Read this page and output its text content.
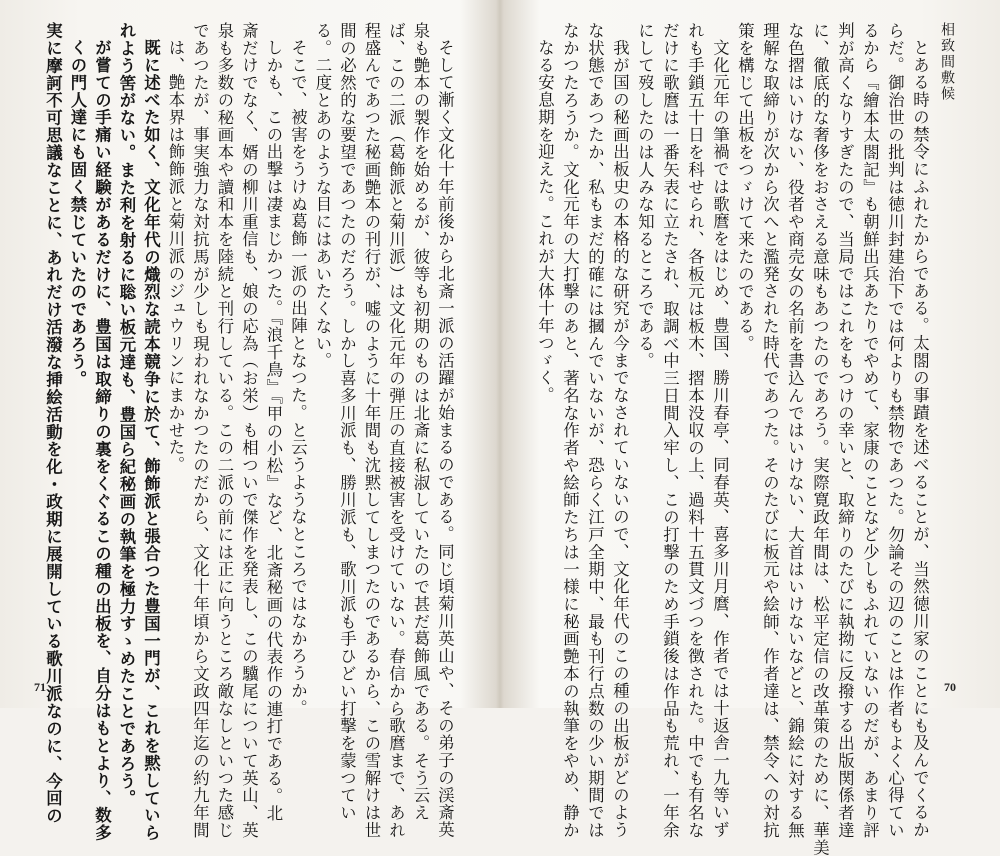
実に摩訶不可思議なことに、あれだけ活潑な挿絵活動を化・政期に展開している歌川派なのに、今回の くの門人達にも固く禁じていたのであろう。 が嘗ての手痛い経験があるだけに、豊国は取締りの裏をくぐるこの種の出板を、自分はもとより、数多 れよう筈がない。また利を射るに聡い板元達も、豊国ら紀秘画の執筆を極力すゝめたことであろう。 既に述べた如く、文化年代の熾烈な読本競争に於て、飾飾派と張合つた豊国一門が、これを黙していら は、艶本界は飾飾派と菊川派のジュウリンにまかせた。 であつたが、事実強力な対抗馬が少しも現われなかつたのだから、文化十年頃から文政四年迄の約九年間 泉も多数の秘画本や讀和本を陸続と刊行している。この二派の前には正に向うところ敵なしといつた感じ 斎だけでなく、婿の柳川重信も、娘の応為（お栄）も相ついで傑作を発表し、この驥尾について英山、英 しかも、この出撃は凄まじかつた。『浪千鳥』『甲の小松』など、北斎秘画の代表作の連打である。北 そこで、被害をうけぬ葛飾一派の出陣となつた。と云うようなところではなかろうか。 る。二度とあのような目にはあいたくない。 間の必然的な要望であつたのだろう。しかし喜多川派も、勝川派も、歌川派も手ひどい打撃を蒙つてい 程盛んであつた秘画艶本の刊行が、嘘のように十年間も沈黙してしまつたのであるから、この雪解けは世 ば、この二派（葛飾派と菊川派）は文化元年の弾圧の直接被害を受けていない。春信から歌麿まで、あれ 泉も艶本の製作を始めるが、彼等も初期のものは北斎に私淑していたので甚だ葛飾風である。そう云え そして漸く文化十年前後から北斎一派の活躍が始まるのである。同じ頃菊川英山や、その弟子の渓斎英	なる安息期を迎えた。これが大体十年つゞく。 なかつたろうか。文化元年の大打撃のあと、著名な作者や絵師たちは一様に秘画艶本の執筆をやめ、静か な状態であつたか、私もまだ的確には摑んでいないが、恐らく江戸全期中、最も刊行点数の少い期間では 我が国の秘画出板史の本格的な研究が今までなされていないので、文化年代のこの種の出板がどのよう にして歿したのは人みな知るところである。 だけに歌麿は一番矢表に立たされ、取調べ中三日間入牢し、この打撃のため手鎖後は作品も荒れ、一年余 れも手鎖五十日を科せられ、各板元は板木、摺本没収の上、過料十五貫文づつを徴された。中でも有名な 文化元年の筆禍では歌麿をはじめ、豊国、勝川春亭、同春英、喜多川月麿、作者では十返舎一九等いず 策を構じて出板をつゞけて来たのである。 理解な取締りが次から次へと濫発された時代であつた。そのたびに板元や絵師、作者達は、禁令への対抗 な色摺はいけない、役者や商売女の名前を書込んではいけない、大首はいけないなどと、錦絵に対する無 に、徹底的な奢侈をおさえる意味もあつたのであろう。実際寛政年間は、松平定信の改革策のために、華美 判が高くなりすぎたので、当局ではこれをもつけの幸いと、取締りのたびに執拗に反撥する出版関係者達 るから『繪本太閤記』も朝鮮出兵あたりでやめて、家康のことなど少しもふれていないのだが、あまり評 らだ。御治世の批判は徳川封建治下では何よりも禁物であつた。勿論その辺のことは作者もよく心得てい とある時の禁令にふれたからである。太閤の事蹟を述べることが、当然徳川家のことにも及んでくるか 相致間敷候
71	70
